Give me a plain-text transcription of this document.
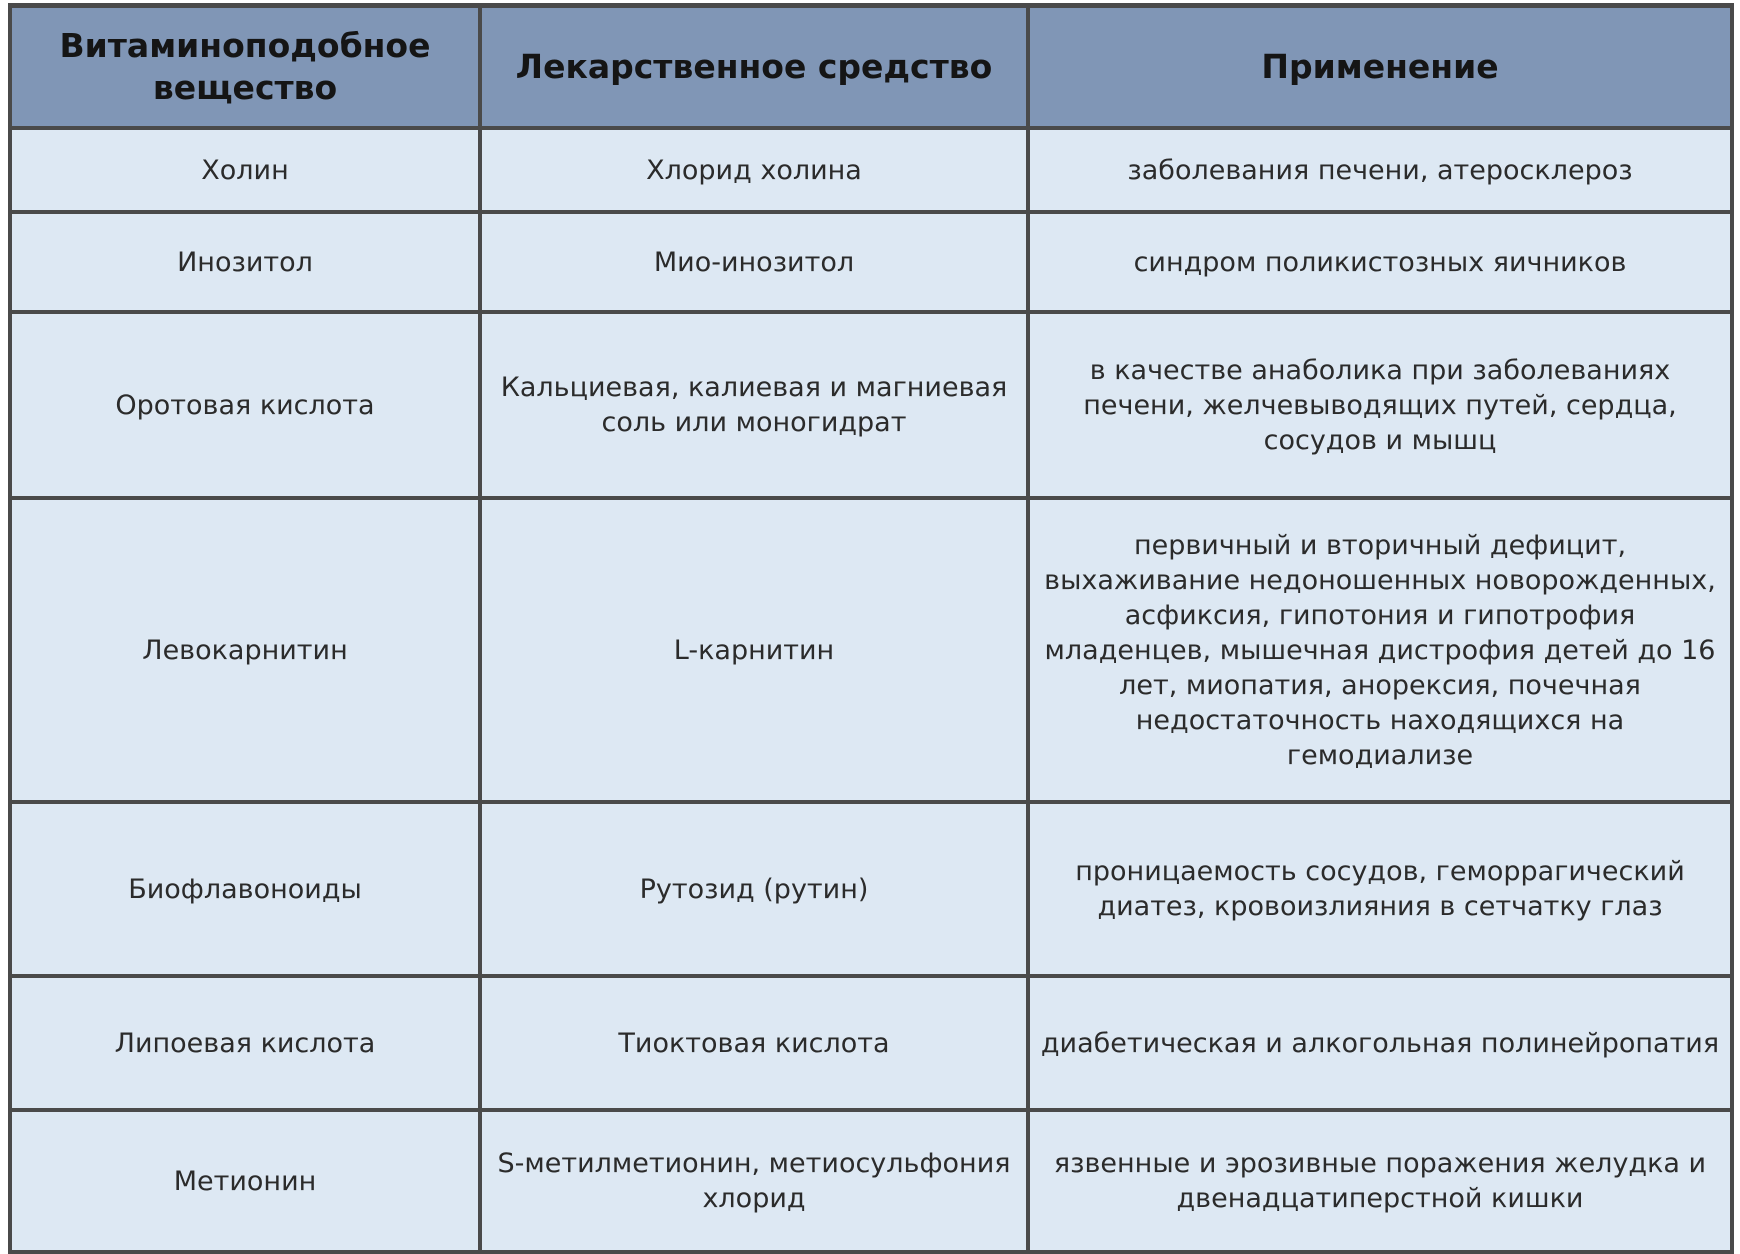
Витаминоподобное вещество	Лекарственное средство	Применение
Холин	Хлорид холина	заболевания печени, атеросклероз
Инозитол	Мио-инозитол	синдром поликистозных яичников
Оротовая кислота	Кальциевая, калиевая и магниевая соль или моногидрат	в качестве анаболика при заболеваниях печени, желчевыводящих путей, сердца, сосудов и мышц
Левокарнитин	L-карнитин	первичный и вторичный дефицит, выхаживание недоношенных новорожденных, асфиксия, гипотония и гипотрофия младенцев, мышечная дистрофия детей до 16 лет, миопатия, анорексия, почечная недостаточность находящихся на гемодиализе
Биофлавоноиды	Рутозид (рутин)	проницаемость сосудов, геморрагический диатез, кровоизлияния в сетчатку глаз
Липоевая кислота	Тиоктовая кислота	диабетическая и алкогольная полинейропатия
Метионин	S-метилметионин, метиосульфония хлорид	язвенные и эрозивные поражения желудка и двенадцатиперстной кишки
